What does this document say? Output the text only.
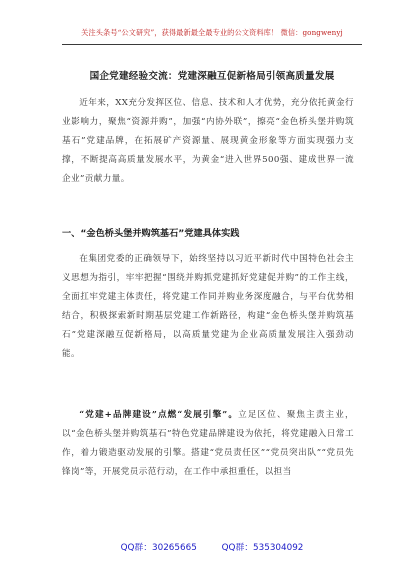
关注头条号“公文研究”，获得最新最全最专业的公文资料库！ 微信：gongwenyj
国企党建经验交流：党建深融互促新格局引领高质量发展

近年来，XX充分发挥区位、信息、技术和人才优势，充分依托黄金行业影响力，聚焦“资源并购”，加强“内协外联”，擦亮“金色桥头堡并购筑基石”党建品牌，在拓展矿产资源量、展现黄金形象等方面实现强力支撑，不断提高高质量发展水平，为黄金“进入世界500强、建成世界一流企业”贡献力量。

一、“金色桥头堡并购筑基石”党建具体实践

在集团党委的正确领导下，始终坚持以习近平新时代中国特色社会主义思想为指引，牢牢把握“围绕并购抓党建抓好党建促并购”的工作主线，全面扛牢党建主体责任，将党建工作同并购业务深度融合，与平台优势相结合，积极探索新时期基层党建工作新路径，构建“金色桥头堡并购筑基石”党建深融互促新格局，以高质量党建为企业高质量发展注入强劲动能。

“党建+品牌建设”点燃“发展引擎”。立足区位、聚焦主责主业，以“金色桥头堡并购筑基石”特色党建品牌建设为依托，将党建融入日常工作，着力锻造驱动发展的引擎。搭建“党员责任区”“党员突出队”“党员先锋岗”等，开展党员示范行动，在工作中承担重任，以担当

QQ群：30265665	QQ群：535304092
